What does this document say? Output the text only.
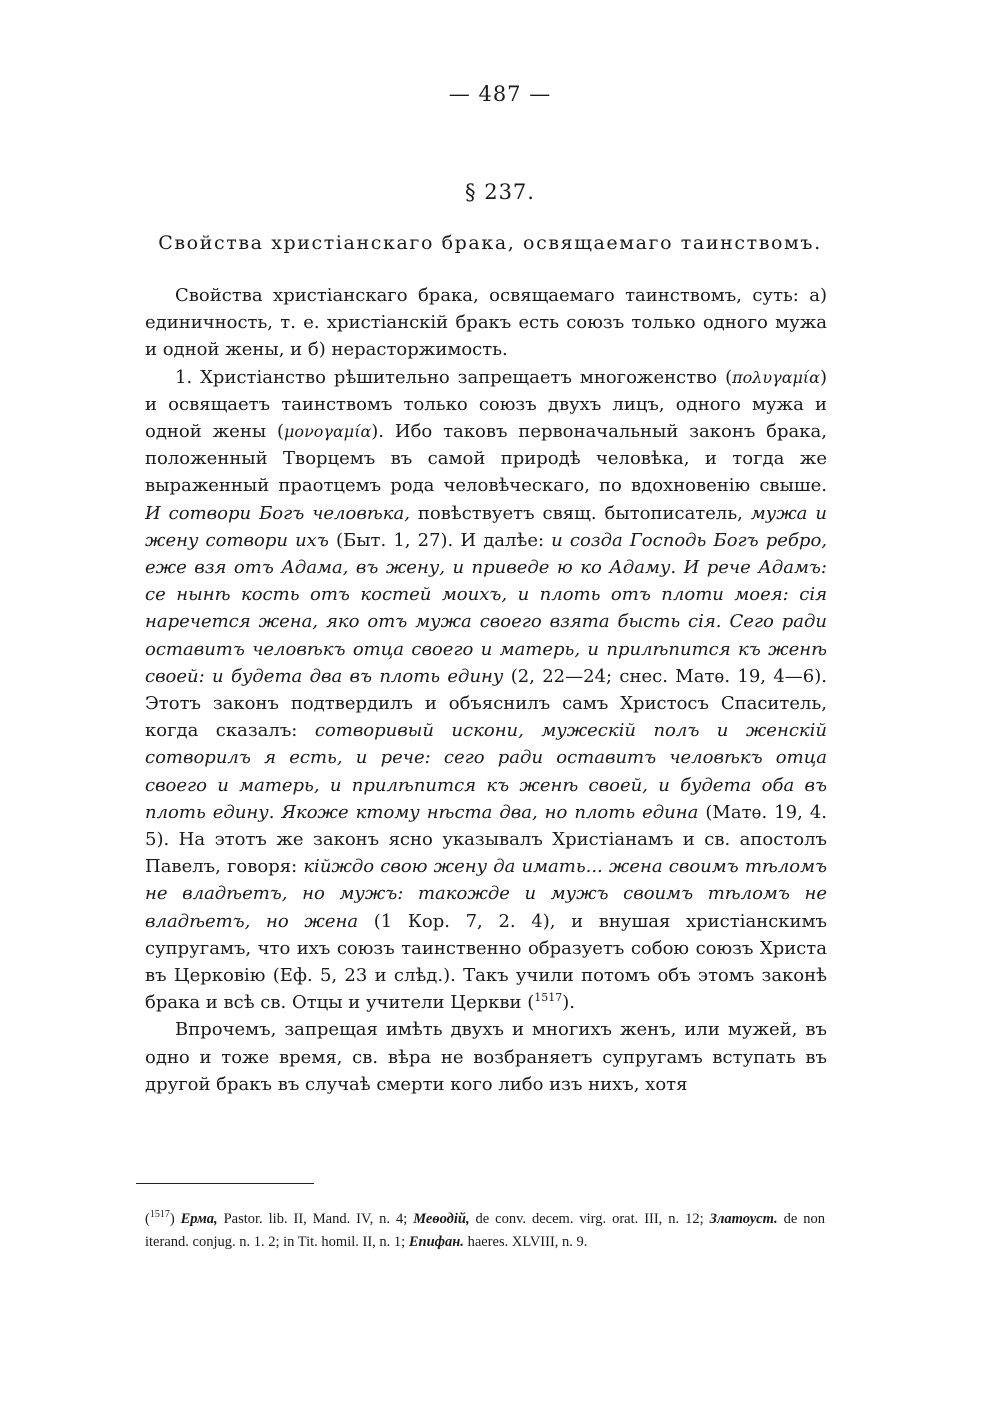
— 487 —
§ 237.
Свойства христіанскаго брака, освящаемаго таинствомъ.

Свойства христіанскаго брака, освящаемаго таинствомъ, суть: а) единичность, т. е. христіанскій бракъ есть союзъ только одного мужа и одной жены, и б) нерасторжимость.

1. Христіанство рѣшительно запрещаетъ многоженство (πολυγαμία) и освящаетъ таинствомъ только союзъ двухъ лицъ, одного мужа и одной жены (μονογαμία). Ибо таковъ первоначальный законъ брака, положенный Творцемъ въ самой природѣ человѣка, и тогда же выраженный праотцемъ рода человѣческаго, по вдохновенію свыше. И сотвори Богъ человѣка, повѣствуетъ свящ. бытописатель, мужа и жену сотвори ихъ (Быт. 1, 27). И далѣе: и созда Господь Богъ ребро, еже взя отъ Адама, въ жену, и приведе ю ко Адаму. И рече Адамъ: се нынѣ кость отъ костей моихъ, и плоть отъ плоти моея: сія наречется жена, яко отъ мужа своего взята бысть сія. Сего ради оставитъ человѣкъ отца своего и матерь, и прилѣпится къ женѣ своей: и будета два въ плоть едину (2, 22—24; снес. Матѳ. 19, 4—6). Этотъ законъ подтвердилъ и объяснилъ самъ Христосъ Спаситель, когда сказалъ: сотворивый искони, мужескій полъ и женскій сотворилъ я есть, и рече: сего ради оставитъ человѣкъ отца своего и матерь, и прилѣпится къ женѣ своей, и будета оба въ плоть едину. Якоже ктому нѣста два, но плоть едина (Матѳ. 19, 4. 5). На этотъ же законъ ясно указывалъ Христіанамъ и св. апостолъ Павелъ, говоря: кійждо свою жену да имать... жена своимъ тѣломъ не владѣетъ, но мужъ: такожде и мужъ своимъ тѣломъ не владѣетъ, но жена (1 Кор. 7, 2. 4), и внушая христіанскимъ супругамъ, что ихъ союзъ таинственно образуетъ собою союзъ Христа въ Церковію (Еф. 5, 23 и слѣд.). Такъ учили потомъ объ этомъ законѣ брака и всѣ св. Отцы и учители Церкви ($^{1517}$).

Впрочемъ, запрещая имѣть двухъ и многихъ женъ, или мужей, въ одно и тоже время, св. вѣра не возбраняетъ супругамъ вступать въ другой бракъ въ случаѣ смерти кого либо изъ нихъ, хотя

($^{1517}$) Ерма, Pastor. lib. II, Mand. IV, n. 4; Меѳодій, de conv. decem. virg. orat. III, n. 12; Златоуст. de non iterand. conjug. n. 1. 2; in Tit. homil. II, n. 1; Епифан. haeres. XLVIII, n. 9.
